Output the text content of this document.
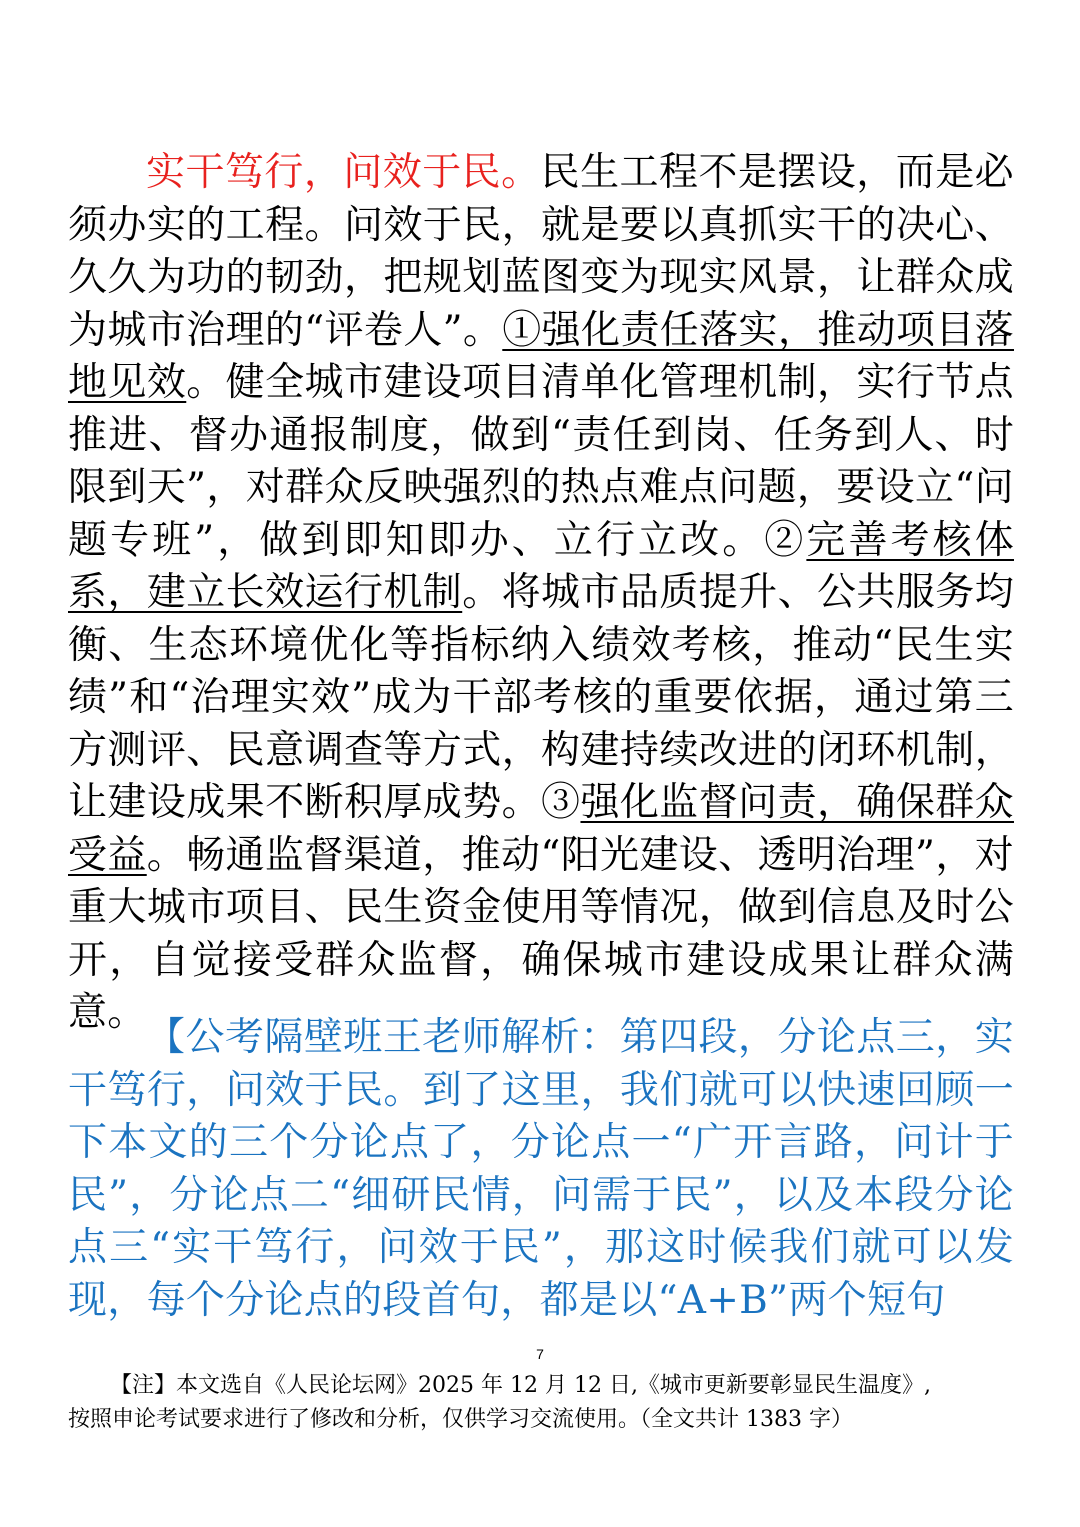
实干笃行，问效于民。民生工程不是摆设，而是必须办实的工程。问效于民，就是要以真抓实干的决心、久久为功的韧劲，把规划蓝图变为现实风景，让群众成为城市治理的“评卷人”。①强化责任落实，推动项目落地见效。健全城市建设项目清单化管理机制，实行节点推进、督办通报制度，做到“责任到岗、任务到人、时限到天”，对群众反映强烈的热点难点问题，要设立“问题专班”，做到即知即办、立行立改。②完善考核体系，建立长效运行机制。将城市品质提升、公共服务均衡、生态环境优化等指标纳入绩效考核，推动“民生实绩”和“治理实效”成为干部考核的重要依据，通过第三方测评、民意调查等方式，构建持续改进的闭环机制，让建设成果不断积厚成势。③强化监督问责，确保群众受益。畅通监督渠道，推动“阳光建设、透明治理”，对重大城市项目、民生资金使用等情况，做到信息及时公开，自觉接受群众监督，确保城市建设成果让群众满意。

【公考隔壁班王老师解析：第四段，分论点三，实干笃行，问效于民。到了这里，我们就可以快速回顾一下本文的三个分论点了，分论点一“广开言路，问计于民”，分论点二“细研民情，问需于民”，以及本段分论点三“实干笃行，问效于民”，那这时候我们就可以发现，每个分论点的段首句，都是以“A+B”两个短句

7

【注】本文选自《人民论坛网》2025 年 12 月 12 日,《城市更新要彰显民生温度》,
按照申论考试要求进行了修改和分析，仅供学习交流使用。（全文共计 1383 字）
